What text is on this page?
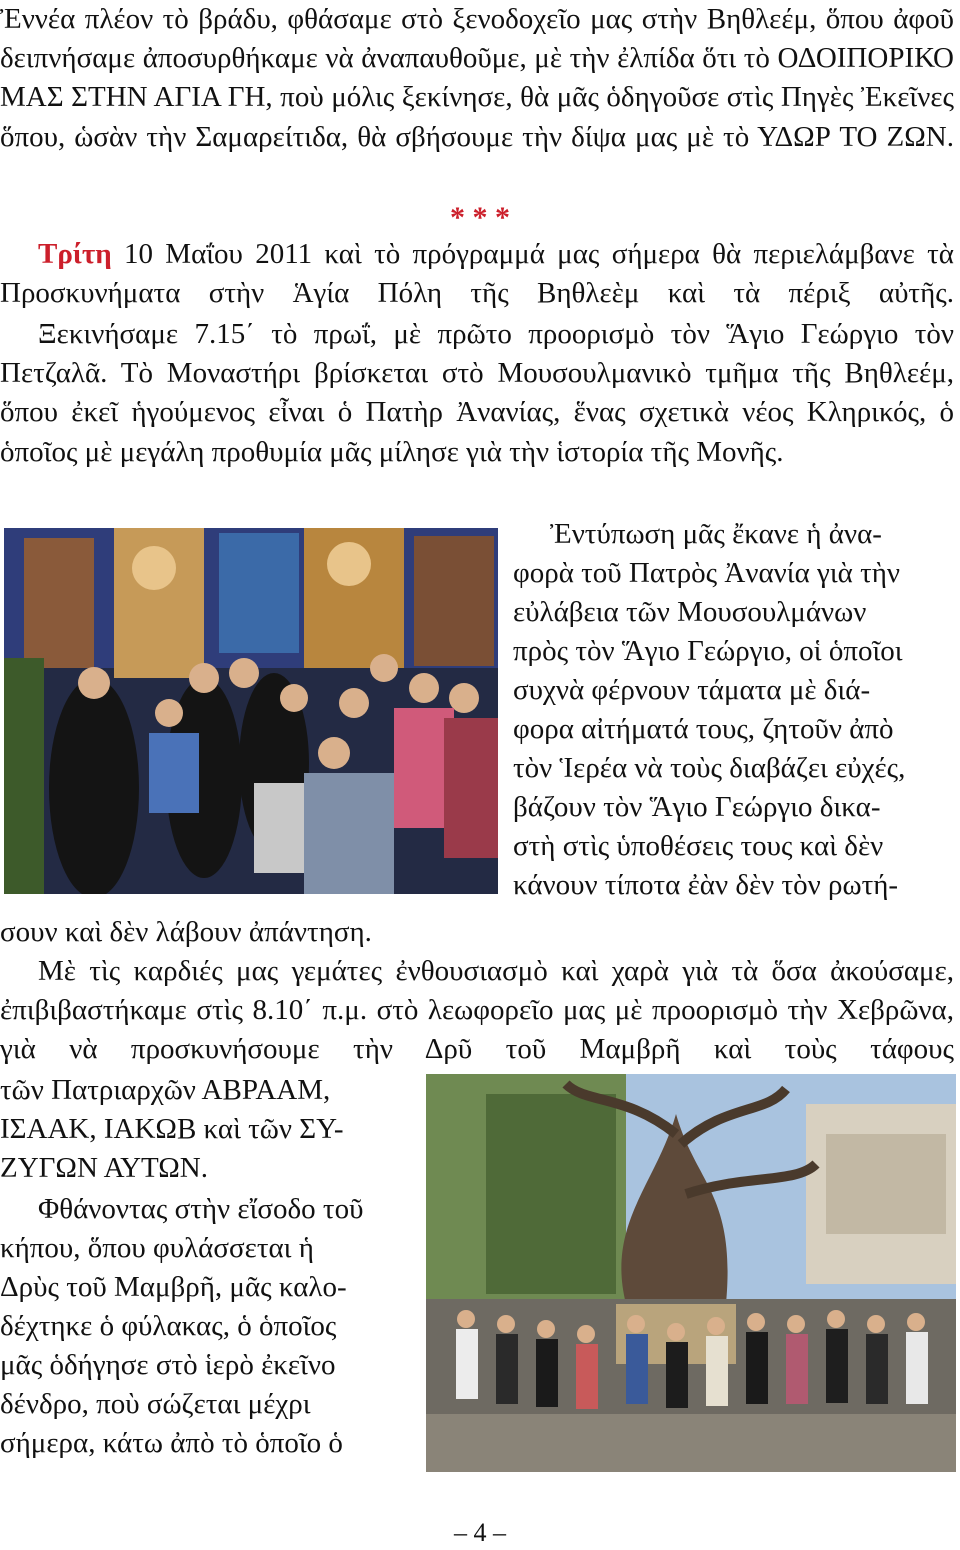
Ἐννέα πλέον τὸ βράδυ, φθάσαμε στὸ ξενοδοχεῖο μας στὴν Βηθλεέμ, ὅπου ἀφοῦ δειπνήσαμε ἀποσυρθήκαμε νὰ ἀναπαυθοῦμε, μὲ τὴν ἐλπίδα ὅτι τὸ ΟΔΟΙΠΟΡΙΚΟ ΜΑΣ ΣΤΗΝ ΑΓΙΑ ΓΗ, ποὺ μόλις ξεκίνησε, θὰ μᾶς ὁδηγοῦσε στὶς Πηγὲς Ἐκεῖνες ὅπου, ὡσὰν τὴν Σαμαρείτιδα, θὰ σβήσουμε τὴν δίψα μας μὲ τὸ ΥΔΩΡ ΤΟ ΖΩΝ.

* * *

Τρίτη 10 Μαΐου 2011 καὶ τὸ πρόγραμμά μας σήμερα θὰ περιελάμβανε τὰ Προσκυνήματα στὴν Ἁγία Πόλη τῆς Βηθλεὲμ καὶ τὰ πέριξ αὐτῆς.

Ξεκινήσαμε 7.15΄ τὸ πρωΐ, μὲ πρῶτο προορισμὸ τὸν Ἅγιο Γεώργιο τὸν Πετζαλᾶ. Τὸ Μοναστήρι βρίσκεται στὸ Μουσουλμανικὸ τμῆμα τῆς Βηθλεέμ, ὅπου ἐκεῖ ἡγούμενος εἶναι ὁ Πατὴρ Ἀνανίας, ἕνας σχετικὰ νέος Κληρικός, ὁ ὁποῖος μὲ μεγάλη προθυμία μᾶς μίλησε γιὰ τὴν ἱστορία τῆς Μονῆς.

Ἐντύπωση μᾶς ἔκανε ἡ ἀνα-
φορὰ τοῦ Πατρὸς Ἀνανία γιὰ τὴν
εὐλάβεια τῶν Μουσουλμάνων
πρὸς τὸν Ἅγιο Γεώργιο, οἱ ὁποῖοι
συχνὰ φέρνουν τάματα μὲ διά-
φορα αἰτήματά τους, ζητοῦν ἀπὸ
τὸν Ἱερέα νὰ τοὺς διαβάζει εὐχές,
βάζουν τὸν Ἅγιο Γεώργιο δικα-
στὴ στὶς ὑποθέσεις τους καὶ δὲν
κάνουν τίποτα ἐὰν δὲν τὸν ρωτή-
σουν καὶ δὲν λάβουν ἀπάντηση.

Μὲ τὶς καρδιές μας γεμάτες ἐνθουσιασμὸ καὶ χαρὰ γιὰ τὰ ὅσα ἀκούσαμε, ἐπιβιβαστήκαμε στὶς 8.10΄ π.μ. στὸ λεωφορεῖο μας μὲ προορισμὸ τὴν Χεβρῶνα, γιὰ νὰ προσκυνήσουμε τὴν Δρῦ τοῦ Μαμβρῆ καὶ τοὺς τάφους

τῶν Πατριαρχῶν ΑΒΡΑΑΜ,
ΙΣΑΑΚ, ΙΑΚΩΒ καὶ τῶν ΣΥ-
ΖΥΓΩΝ ΑΥΤΩΝ.
Φθάνοντας στὴν εἴσοδο τοῦ
κήπου, ὅπου φυλάσσεται ἡ
Δρὺς τοῦ Μαμβρῆ, μᾶς καλο-
δέχτηκε ὁ φύλακας, ὁ ὁποῖος
μᾶς ὁδήγησε στὸ ἱερὸ ἐκεῖνο
δένδρο, ποὺ σώζεται μέχρι
σήμερα, κάτω ἀπὸ τὸ ὁποῖο ὁ
– 4 –
